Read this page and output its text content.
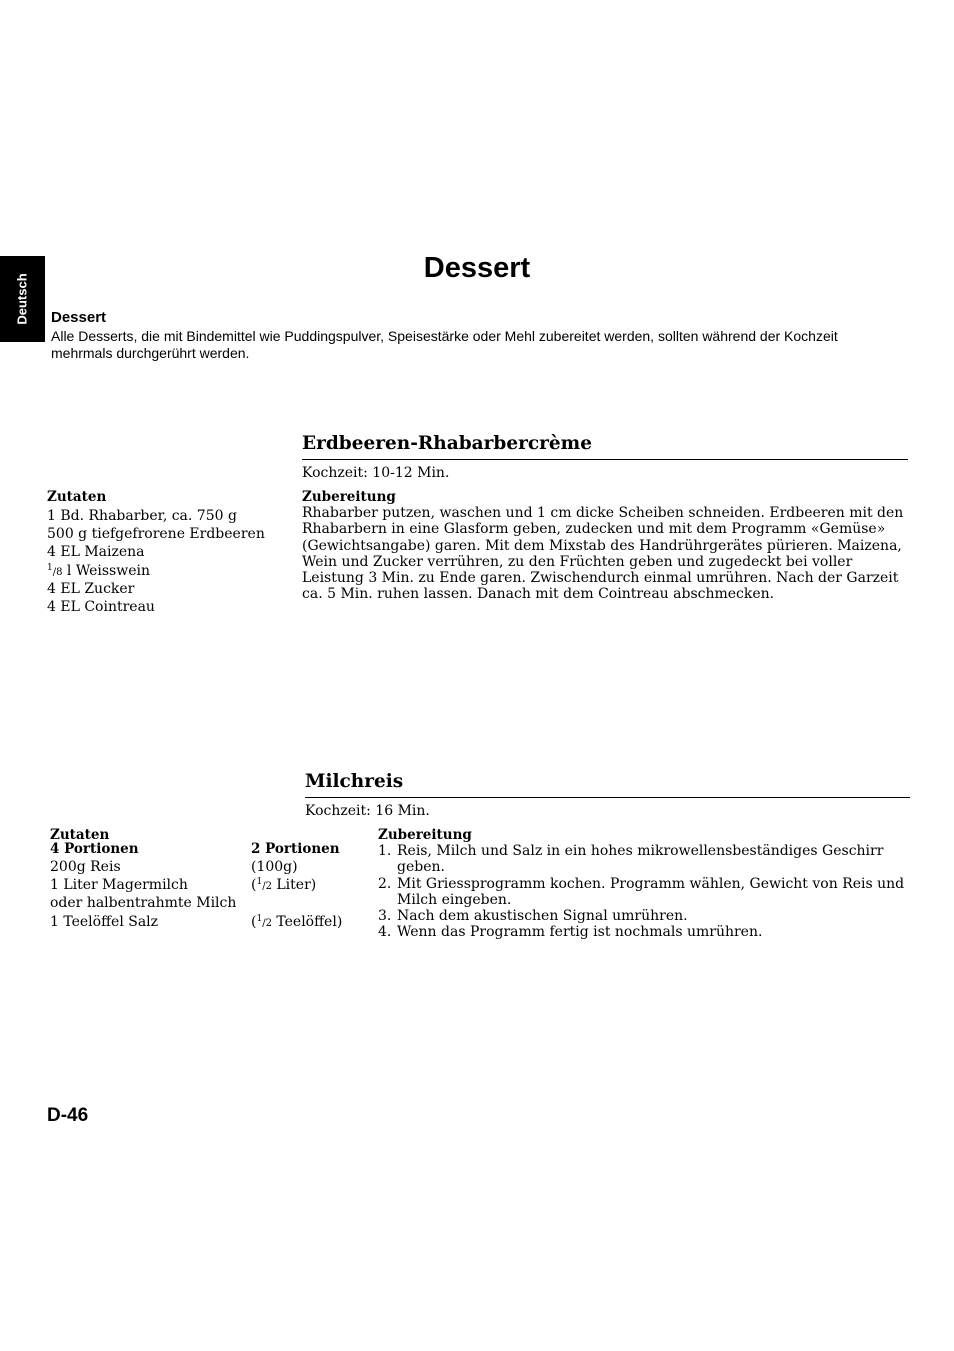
Deutsch
Dessert
Dessert
Alle Desserts, die mit Bindemittel wie Puddingspulver, Speisestärke oder Mehl zubereitet werden, sollten während der Kochzeit mehrmals durchgerührt werden.
Erdbeeren-Rhabarbercrème
Kochzeit: 10-12 Min.
Zutaten
1 Bd. Rhabarber, ca. 750 g
500 g tiefgefrorene Erdbeeren
4 EL Maizena
$^1$/8 l Weisswein
4 EL Zucker
4 EL Cointreau
Zubereitung
Rhabarber putzen, waschen und 1 cm dicke Scheiben schneiden. Erdbeeren mit den Rhabarbern in eine Glasform geben, zudecken und mit dem Programm «Gemüse» (Gewichtsangabe) garen. Mit dem Mixstab des Handrührgerätes pürieren. Maizena, Wein und Zucker verrühren, zu den Früchten geben und zugedeckt bei voller Leistung 3 Min. zu Ende garen. Zwischendurch einmal umrühren. Nach der Garzeit ca. 5 Min. ruhen lassen. Danach mit dem Cointreau abschmecken.
Milchreis
Kochzeit: 16 Min.
Zutaten
4 Portionen	2 Portionen
200g Reis
1 Liter Magermilch
oder halbentrahmte Milch
1 Teelöffel Salz
(100g)
($^1$/2 Liter)
($^1$/2 Teelöffel)
Zubereitung
1. Reis, Milch und Salz in ein hohes mikrowellensbeständiges Geschirr geben.
2. Mit Griessprogramm kochen. Programm wählen, Gewicht von Reis und Milch eingeben.
3. Nach dem akustischen Signal umrühren.
4. Wenn das Programm fertig ist nochmals umrühren.
D-46
